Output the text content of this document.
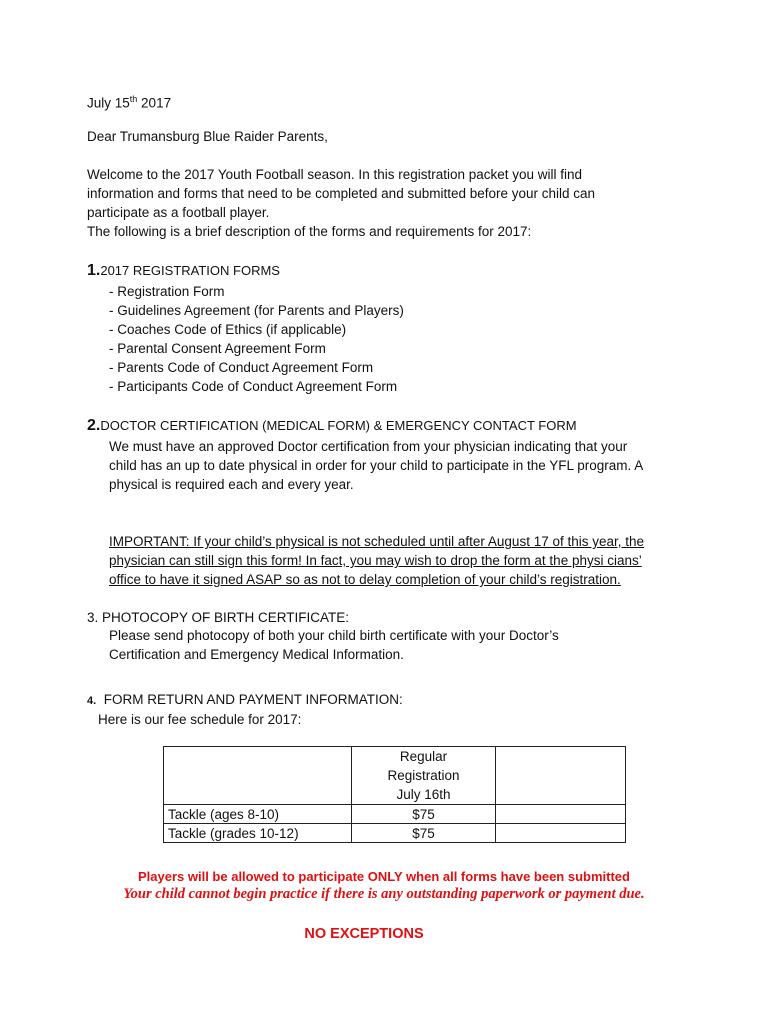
July 15th 2017
Dear Trumansburg Blue Raider Parents,
Welcome to the 2017 Youth Football season. In this registration packet you will find
information and forms that need to be completed and submitted before your child can
participate as a football player.
The following is a brief description of the forms and requirements for 2017:
1.2017 REGISTRATION FORMS
- Registration Form
- Guidelines Agreement (for Parents and Players)
- Coaches Code of Ethics (if applicable)
- Parental Consent Agreement Form
- Parents Code of Conduct Agreement Form
- Participants Code of Conduct Agreement Form
2.DOCTOR CERTIFICATION (MEDICAL FORM) & EMERGENCY CONTACT FORM
We must have an approved Doctor certification from your physician indicating that your
child has an up to date physical in order for your child to participate in the YFL program. A
physical is required each and every year.
IMPORTANT: If your child’s physical is not scheduled until after August 17 of this year, the
physician can still sign this form! In fact, you may wish to drop the form at the physi cians’
office to have it signed ASAP so as not to delay completion of your child’s registration.
3. PHOTOCOPY OF BIRTH CERTIFICATE:
Please send photocopy of both your child birth certificate with your Doctor’s
Certification and Emergency Medical Information.
4. FORM RETURN AND PAYMENT INFORMATION:
Here is our fee schedule for 2017:

	Regular
Registration
July 16th	

Tackle (ages 8-10)	$75	
Tackle (grades 10-12)	$75	
Players will be allowed to participate ONLY when all forms have been submitted
Your child cannot begin practice if there is any outstanding paperwork or payment due.
NO EXCEPTIONS
